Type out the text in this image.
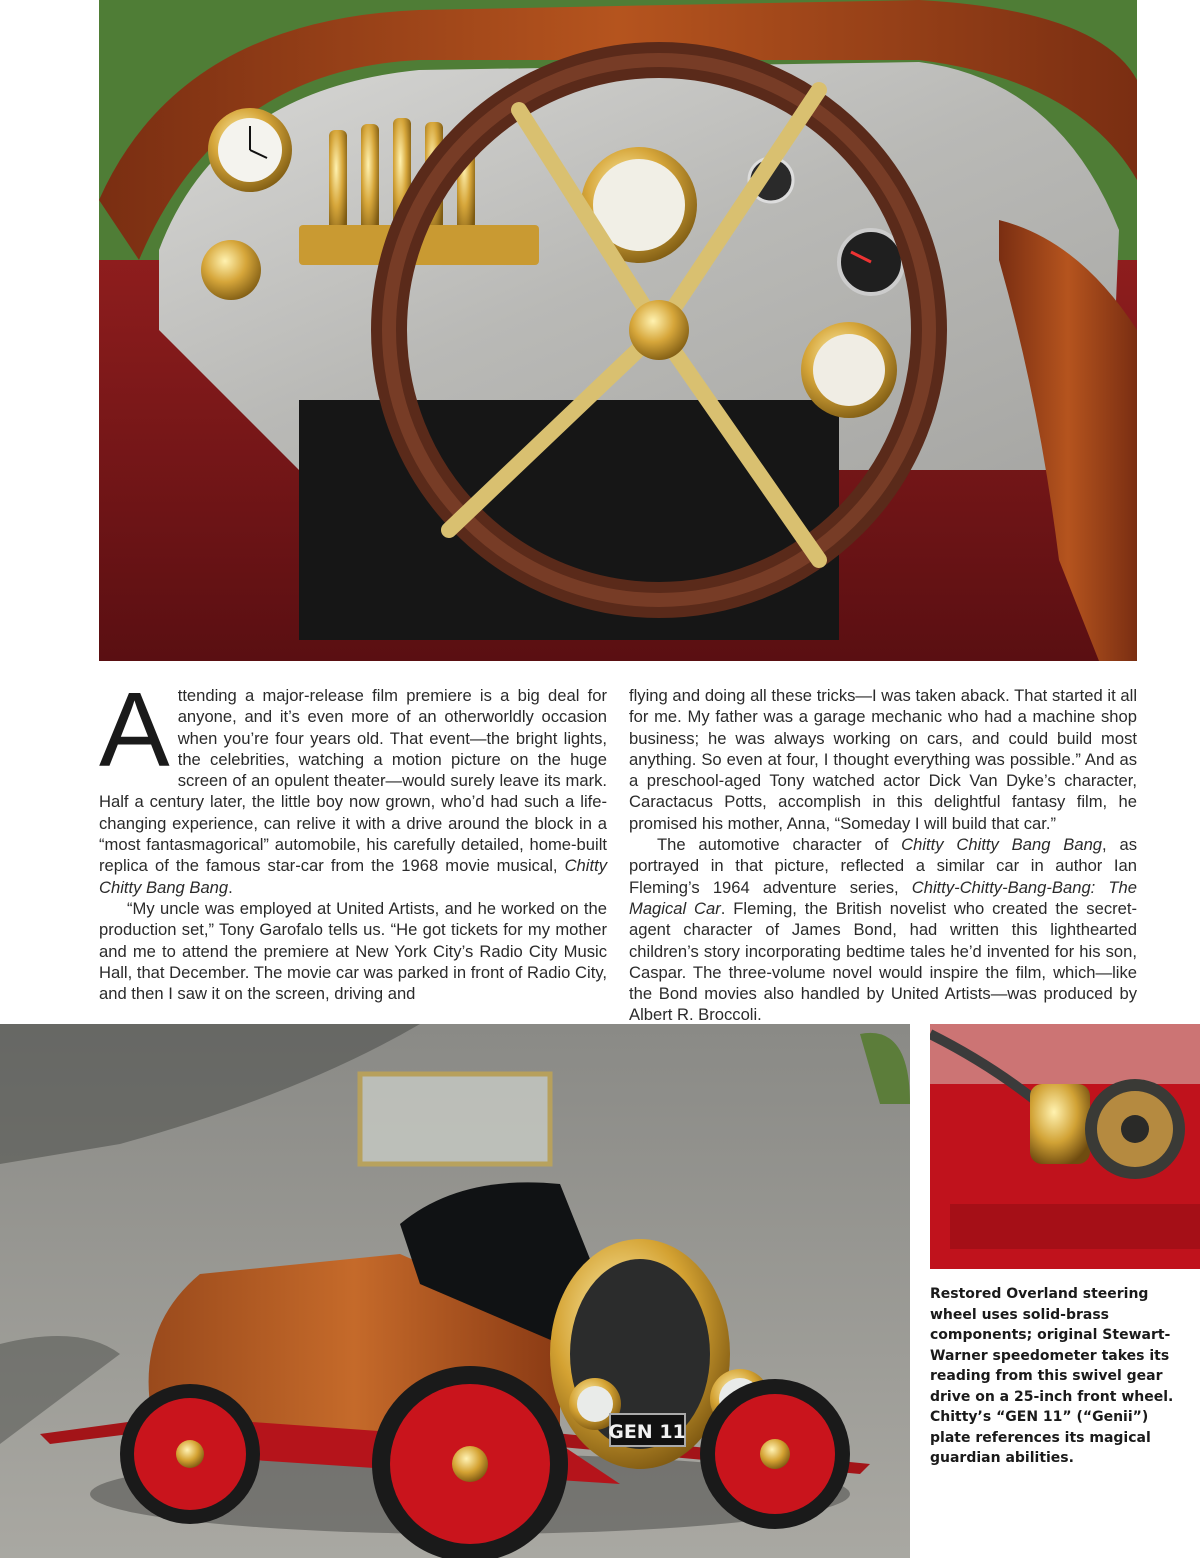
Attending a major-release film premiere is a big deal for anyone, and it’s even more of an otherworldly occasion when you’re four years old. That event—the bright lights, the celebrities, watching a motion picture on the huge screen of an opulent theater—would surely leave its mark. Half a century later, the little boy now grown, who’d had such a life-changing experience, can relive it with a drive around the block in a “most fantasmagorical” automobile, his carefully detailed, home-built replica of the famous star-car from the 1968 movie musical, Chitty Chitty Bang Bang.

“My uncle was employed at United Artists, and he worked on the production set,” Tony Garofalo tells us. “He got tickets for my mother and me to attend the premiere at New York City’s Radio City Music Hall, that December. The movie car was parked in front of Radio City, and then I saw it on the screen, driving and

flying and doing all these tricks—I was taken aback. That started it all for me. My father was a garage mechanic who had a machine shop business; he was always working on cars, and could build most anything. So even at four, I thought everything was possible.” And as a preschool-aged Tony watched actor Dick Van Dyke’s character, Caractacus Potts, accomplish in this delightful fantasy film, he promised his mother, Anna, “Someday I will build that car.”

The automotive character of Chitty Chitty Bang Bang, as portrayed in that picture, reflected a similar car in author Ian Fleming’s 1964 adventure series, Chitty-Chitty-Bang-Bang: The Magical Car. Fleming, the British novelist who created the secret-agent character of James Bond, had written this lighthearted children’s story incorporating bedtime tales he’d invented for his son, Caspar. The three-volume novel would inspire the film, which—like the Bond movies also handled by United Artists—was produced by Albert R. Broccoli.

GEN 11
Restored Overland steering wheel uses solid-brass components; original Stewart-Warner speedometer takes its reading from this swivel gear drive on a 25-inch front wheel. Chitty’s “GEN 11” (“Genii”) plate references its magical guardian abilities.
